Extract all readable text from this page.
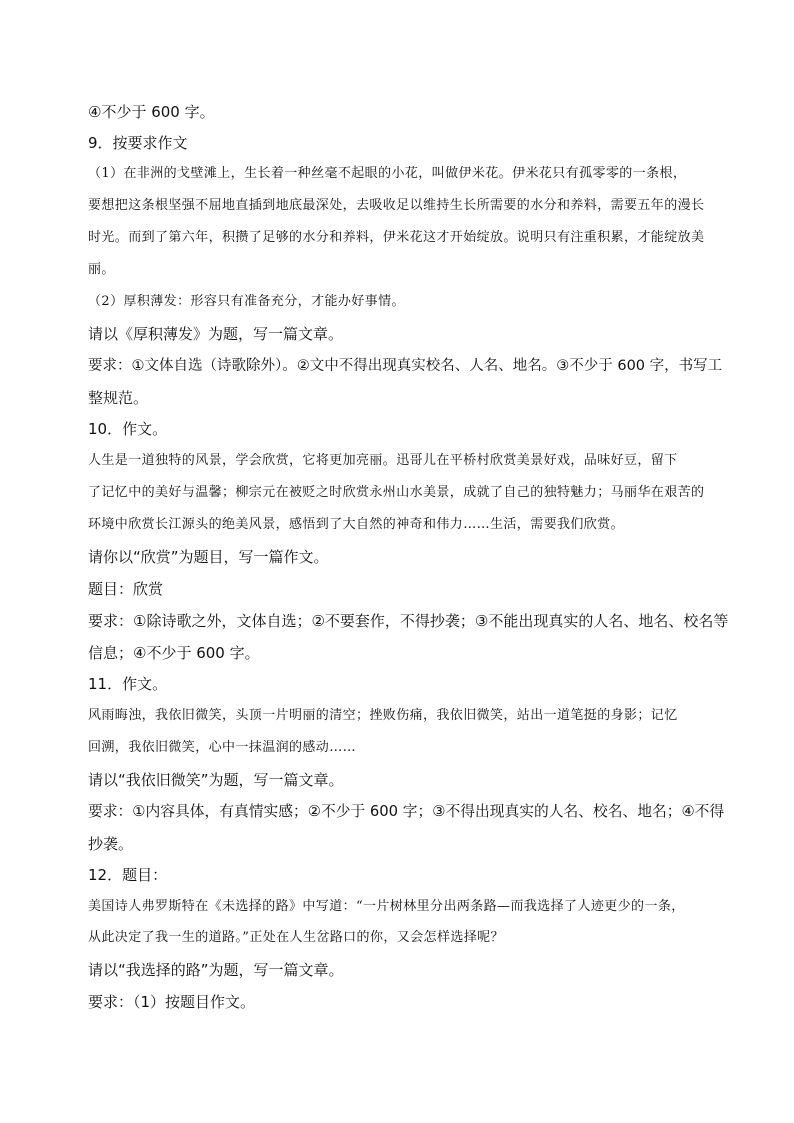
④不少于 600 字。
9．按要求作文
（1）在非洲的戈壁滩上，生长着一种丝毫不起眼的小花，叫做伊米花。伊米花只有孤零零的一条根，
要想把这条根坚强不屈地直插到地底最深处，去吸收足以维持生长所需要的水分和养料，需要五年的漫长
时光。而到了第六年，积攒了足够的水分和养料，伊米花这才开始绽放。说明只有注重积累，才能绽放美
丽。
（2）厚积薄发：形容只有准备充分，才能办好事情。
请以《厚积薄发》为题，写一篇文章。
要求：①文体自选（诗歌除外）。②文中不得出现真实校名、人名、地名。③不少于 600 字，书写工
整规范。
10．作文。
人生是一道独特的风景，学会欣赏，它将更加亮丽。迅哥儿在平桥村欣赏美景好戏，品味好豆，留下
了记忆中的美好与温馨；柳宗元在被贬之时欣赏永州山水美景，成就了自己的独特魅力；马丽华在艰苦的
环境中欣赏长江源头的绝美风景，感悟到了大自然的神奇和伟力……生活，需要我们欣赏。
请你以“欣赏”为题目，写一篇作文。
题目：欣赏
要求：①除诗歌之外，文体自选；②不要套作，不得抄袭；③不能出现真实的人名、地名、校名等
信息；④不少于 600 字。
11．作文。
风雨晦浊，我依旧微笑，头顶一片明丽的清空；挫败伤痛，我依旧微笑，站出一道笔挺的身影；记忆
回溯，我依旧微笑，心中一抹温润的感动……
请以“我依旧微笑”为题，写一篇文章。
要求：①内容具体，有真情实感；②不少于 600 字；③不得出现真实的人名、校名、地名；④不得
抄袭。
12．题目：
美国诗人弗罗斯特在《未选择的路》中写道：“一片树林里分出两条路—而我选择了人迹更少的一条，
从此决定了我一生的道路。”正处在人生岔路口的你，又会怎样选择呢？
请以“我选择的路”为题，写一篇文章。
要求：（1）按题目作文。
